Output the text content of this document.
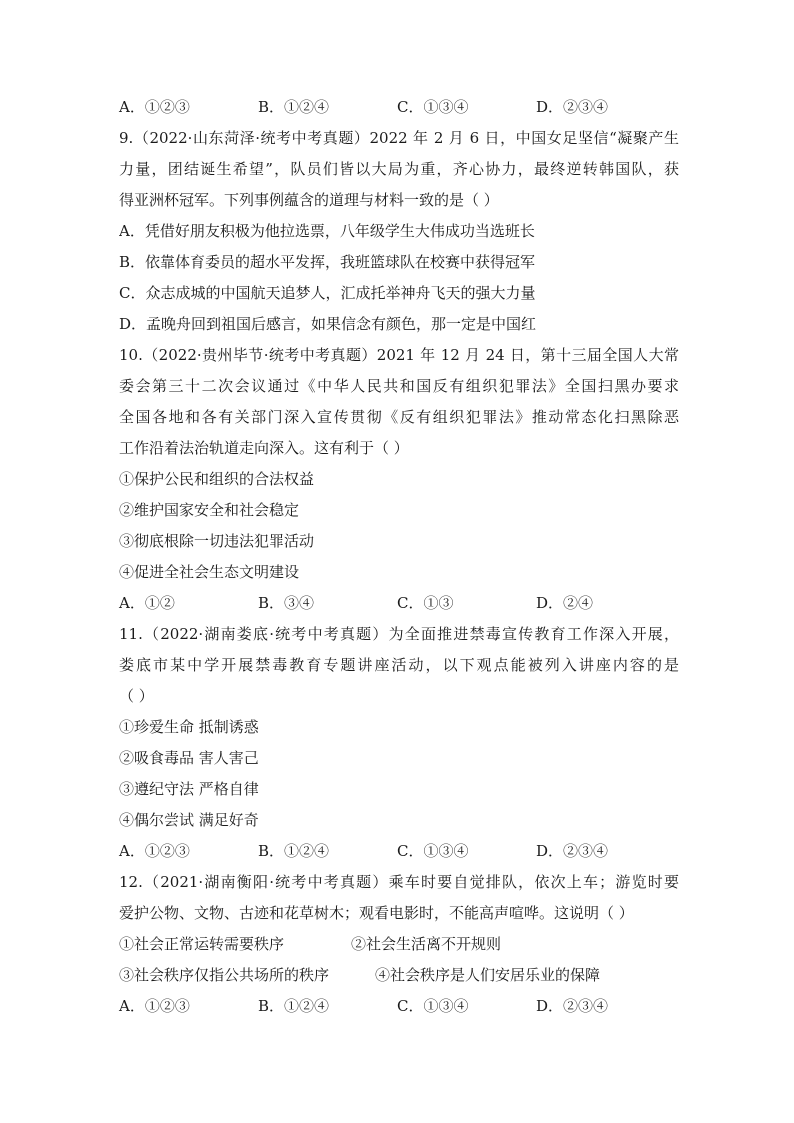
A．①②③	B．①②④	C．①③④	D．②③④
9.（2022·山东菏泽·统考中考真题）2022 年 2 月 6 日，中国女足坚信“凝聚产生
力量，团结诞生希望”，队员们皆以大局为重，齐心协力，最终逆转韩国队，获
得亚洲杯冠军。下列事例蕴含的道理与材料一致的是（ ）
A．凭借好朋友积极为他拉选票，八年级学生大伟成功当选班长
B．依靠体育委员的超水平发挥，我班篮球队在校赛中获得冠军
C．众志成城的中国航天追梦人，汇成托举神舟飞天的强大力量
D．孟晚舟回到祖国后感言，如果信念有颜色，那一定是中国红
10.（2022·贵州毕节·统考中考真题）2021 年 12 月 24 日，第十三届全国人大常
委会第三十二次会议通过《中华人民共和国反有组织犯罪法》全国扫黑办要求
全国各地和各有关部门深入宣传贯彻《反有组织犯罪法》推动常态化扫黑除恶
工作沿着法治轨道走向深入。这有利于（ ）
①保护公民和组织的合法权益
②维护国家安全和社会稳定
③彻底根除一切违法犯罪活动
④促进全社会生态文明建设
A．①②	B．③④	C．①③	D．②④
11.（2022·湖南娄底·统考中考真题）为全面推进禁毒宣传教育工作深入开展，
娄底市某中学开展禁毒教育专题讲座活动，以下观点能被列入讲座内容的是
（ ）
①珍爱生命 抵制诱惑
②吸食毒品 害人害己
③遵纪守法 严格自律
④偶尔尝试 满足好奇
A．①②③	B．①②④	C．①③④	D．②③④
12.（2021·湖南衡阳·统考中考真题）乘车时要自觉排队，依次上车；游览时要
爱护公物、文物、古迹和花草树木；观看电影时，不能高声喧哗。这说明（ ）
①社会正常运转需要秩序	②社会生活离不开规则
③社会秩序仅指公共场所的秩序	④社会秩序是人们安居乐业的保障
A．①②③	B．①②④	C．①③④	D．②③④
